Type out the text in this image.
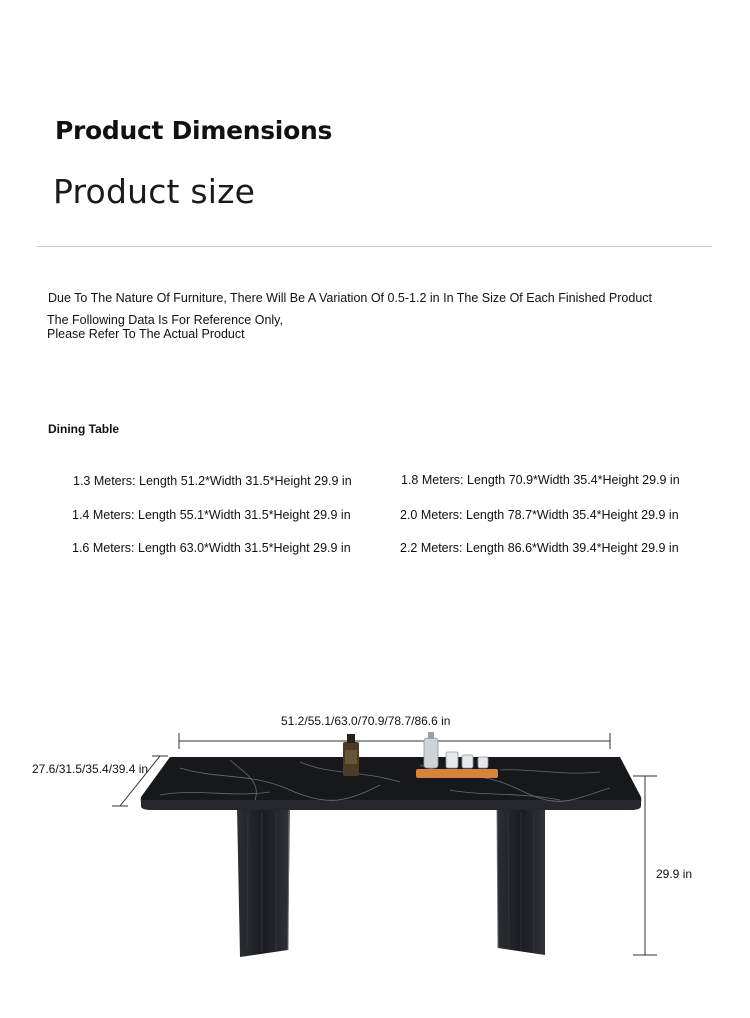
Product Dimensions
Product size
Due To The Nature Of Furniture, There Will Be A Variation Of 0.5-1.2 in In The Size Of Each Finished Product
The Following Data Is For Reference Only,
Please Refer To The Actual Product
Dining Table
1.3 Meters: Length 51.2*Width 31.5*Height 29.9 in
1.4 Meters: Length 55.1*Width 31.5*Height 29.9 in
1.6 Meters: Length 63.0*Width 31.5*Height 29.9 in
1.8 Meters: Length 70.9*Width 35.4*Height 29.9 in
2.0 Meters: Length 78.7*Width 35.4*Height 29.9 in
2.2 Meters: Length 86.6*Width 39.4*Height 29.9 in
51.2/55.1/63.0/70.9/78.7/86.6 in
27.6/31.5/35.4/39.4 in
29.9 in
